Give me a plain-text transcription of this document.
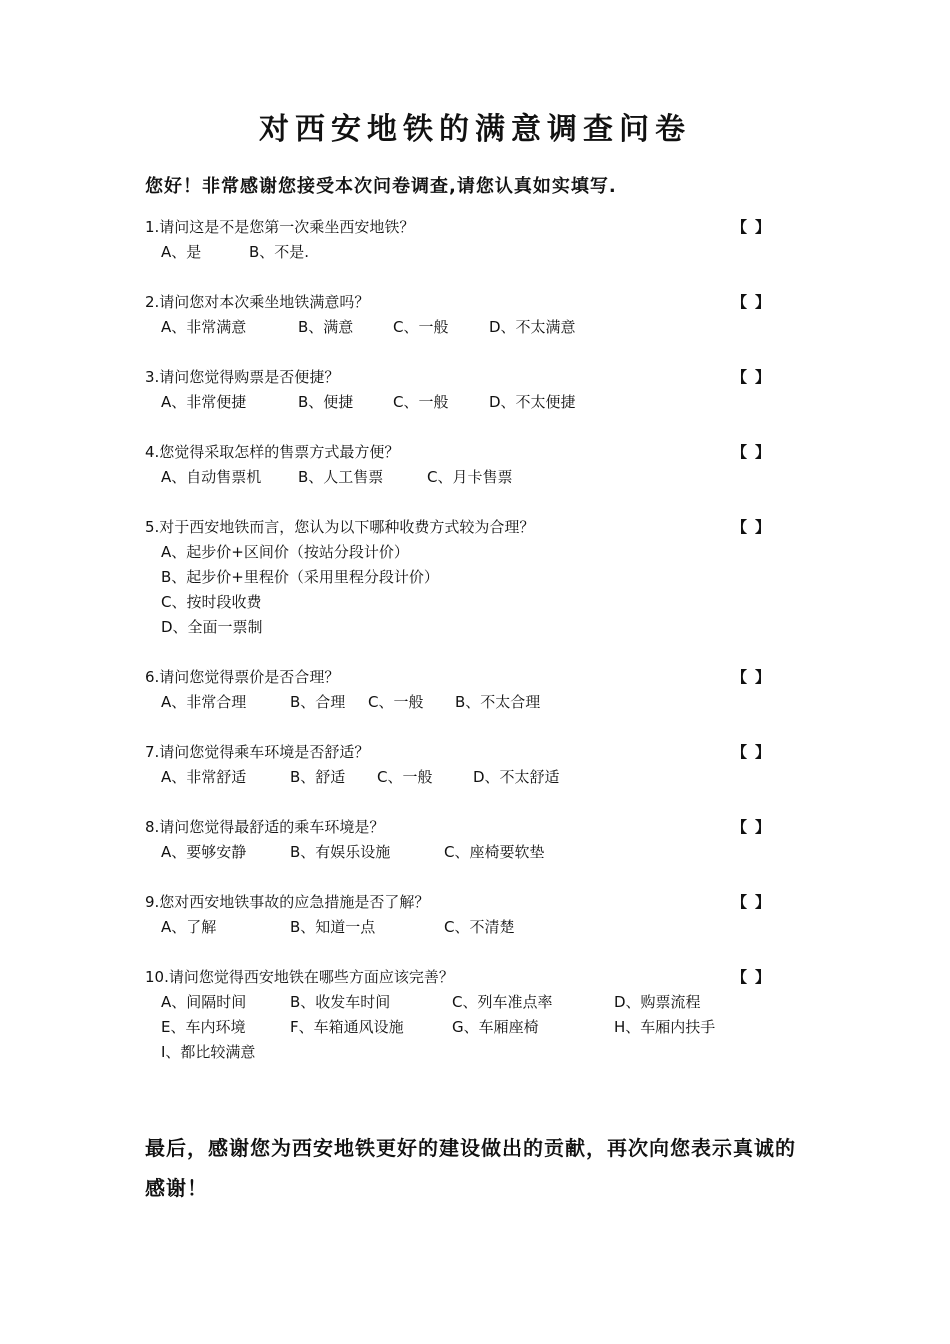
对西安地铁的满意调查问卷

您好！非常感谢您接受本次问卷调查,请您认真如实填写.

1.请问这是不是您第一次乘坐西安地铁？	【 】
A、是	B、不是.
2.请问您对本次乘坐地铁满意吗？	【 】
A、非常满意	B、满意	C、一般	D、不太满意
3.请问您觉得购票是否便捷？	【 】
A、非常便捷	B、便捷	C、一般	D、不太便捷
4.您觉得采取怎样的售票方式最方便？	【 】
A、自动售票机 B、人工售票	C、月卡售票
5.对于西安地铁而言，您认为以下哪种收费方式较为合理？	【 】
A、起步价+区间价（按站分段计价）
B、起步价+里程价（采用里程分段计价）
C、按时段收费
D、全面一票制
6.请问您觉得票价是否合理？	【 】
A、非常合理	B、合理 C、一般 B、不太合理
7.请问您觉得乘车环境是否舒适？	【 】
A、非常舒适	B、舒适 C、一般	D、不太舒适
8.请问您觉得最舒适的乘车环境是？	【 】
A、要够安静	B、有娱乐设施	C、座椅要软垫
9.您对西安地铁事故的应急措施是否了解？	【 】
A、了解	B、知道一点	C、不清楚
10.请问您觉得西安地铁在哪些方面应该完善？	【 】
A、间隔时间	B、收发车时间	C、列车准点率	D、购票流程
E、车内环境	F、车箱通风设施	G、车厢座椅	H、车厢内扶手
I、都比较满意

最后，感谢您为西安地铁更好的建设做出的贡献，再次向您表示真诚的感谢！
